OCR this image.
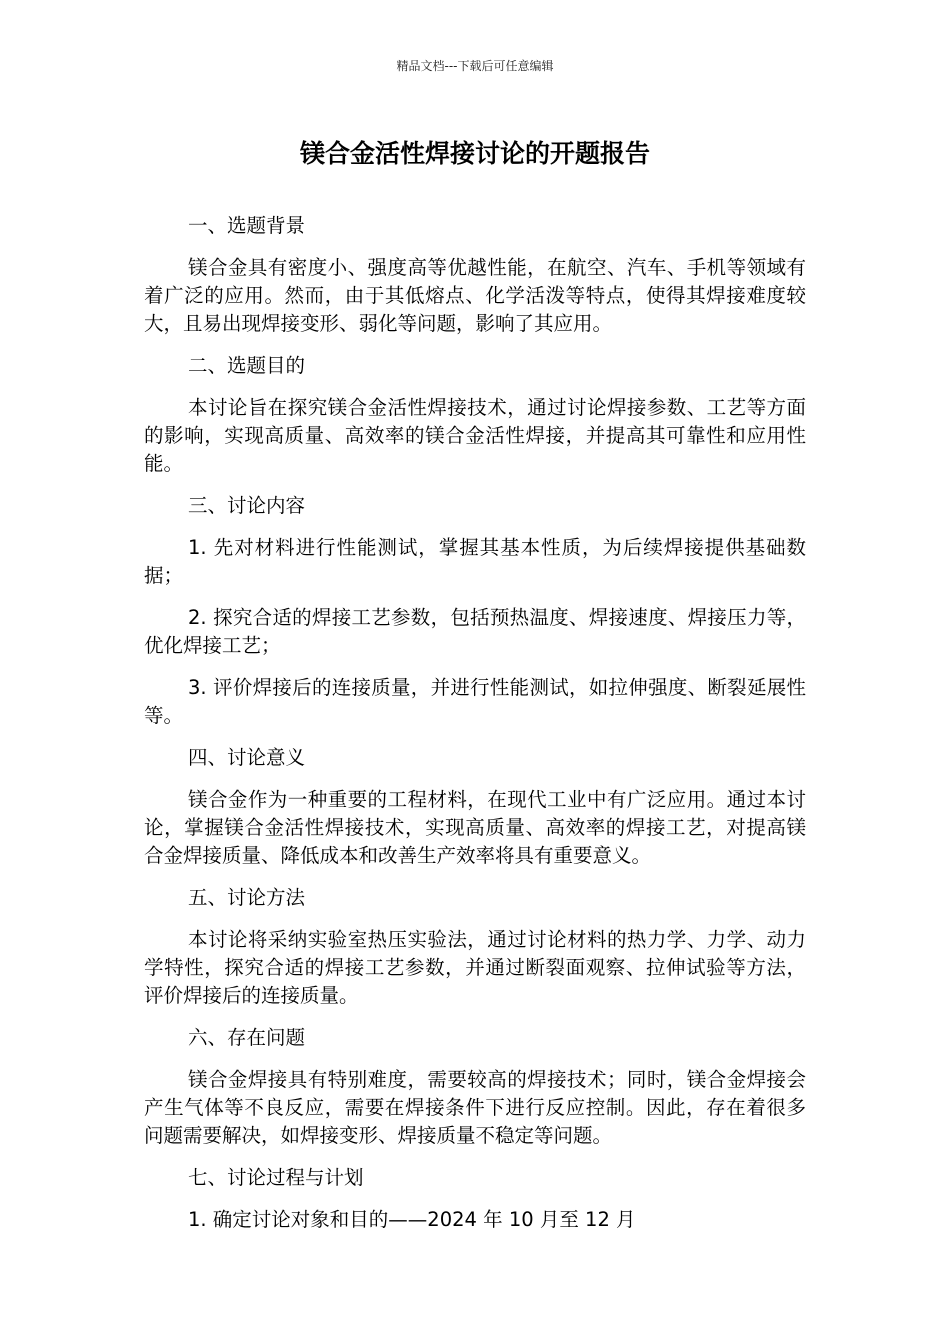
精品文档---下载后可任意编辑
镁合金活性焊接讨论的开题报告

一、选题背景

镁合金具有密度小、强度高等优越性能，在航空、汽车、手机等领域有着广泛的应用。然而，由于其低熔点、化学活泼等特点，使得其焊接难度较大，且易出现焊接变形、弱化等问题，影响了其应用。

二、选题目的

本讨论旨在探究镁合金活性焊接技术，通过讨论焊接参数、工艺等方面的影响，实现高质量、高效率的镁合金活性焊接，并提高其可靠性和应用性能。

三、讨论内容

1. 先对材料进行性能测试，掌握其基本性质，为后续焊接提供基础数据；

2. 探究合适的焊接工艺参数，包括预热温度、焊接速度、焊接压力等，优化焊接工艺；

3. 评价焊接后的连接质量，并进行性能测试，如拉伸强度、断裂延展性等。

四、讨论意义

镁合金作为一种重要的工程材料，在现代工业中有广泛应用。通过本讨论，掌握镁合金活性焊接技术，实现高质量、高效率的焊接工艺，对提高镁合金焊接质量、降低成本和改善生产效率将具有重要意义。

五、讨论方法

本讨论将采纳实验室热压实验法，通过讨论材料的热力学、力学、动力学特性，探究合适的焊接工艺参数，并通过断裂面观察、拉伸试验等方法，评价焊接后的连接质量。

六、存在问题

镁合金焊接具有特别难度，需要较高的焊接技术；同时，镁合金焊接会产生气体等不良反应，需要在焊接条件下进行反应控制。因此，存在着很多问题需要解决，如焊接变形、焊接质量不稳定等问题。

七、讨论过程与计划

1. 确定讨论对象和目的——2024 年 10 月至 12 月
